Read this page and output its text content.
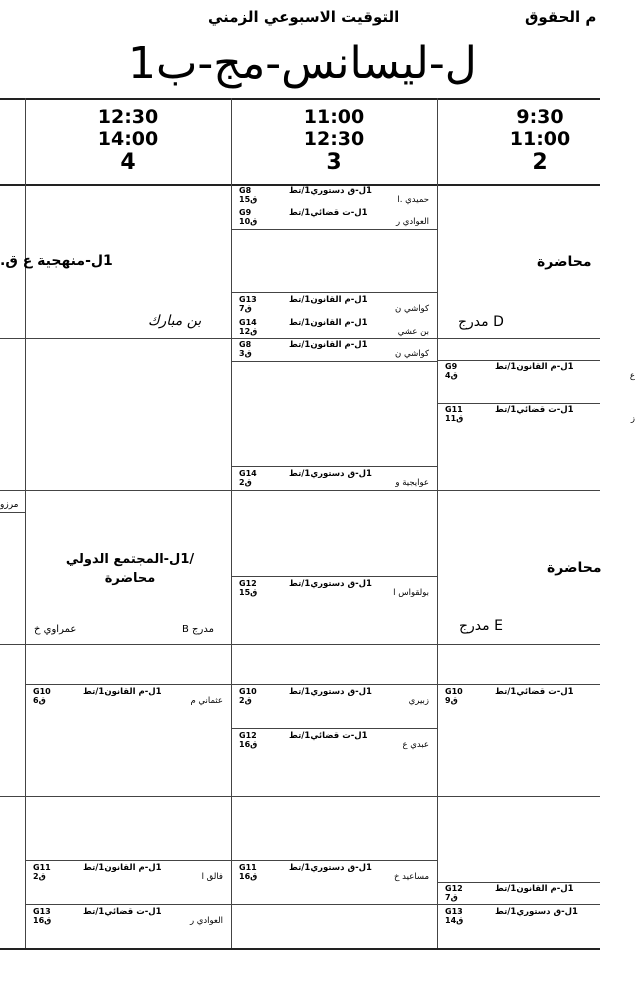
م الحقوق
التوقيت الاسبوعي الزمني
1ل-ليسانس-مج-ب
12:30
14:00
4
11:00
12:30
3
9:30
11:00
2
G8
ق15
1ل-ق دستوري1/تط
حميدي .ا
G9
ق10
1ل-ت قضائي1/تط
العوادي ر
G13
ق7
1ل-م القانون1/تط
كواشي ن
G14
ق12
1ل-م القانون1/تط
بن عشي
G8
ق3
1ل-م القانون1/تط
كواشي ن
G9
ق4
1ل-م القانون1/تط
ع
G11
ق11
1ل-ت قضائي1/تط
ز
G14
ق2
1ل-ق دستوري1/تط
عوايجية و
G12
ق15
1ل-ق دستوري1/تط
بولقواس ا
G10
ق6
1ل-م القانون1/تط
عثماني م
G10
ق2
1ل-ق دستوري1/تط
زبيري
G10
ق9
1ل-ت قضائي1/تط
G12
ق16
1ل-ت قضائي1/تط
عبدي ع
G11
ق2
1ل-م القانون1/تط
فالق ا
G11
ق16
1ل-ق دستوري1/تط
مساعيد خ
G13
ق16
1ل-ت قضائي1/تط
العوادي ر
G12
ق7
1ل-م القانون1/تط
G13
ق14
1ل-ق دستوري1/تط
1ل-منهجية ع ق.
بن مبارك
محاضرة
مدرج D
/1ل-المجتمع الدولي
محاضرة
عمراوي خ	مدرج B
محاضرة
مدرج E
مرزو
